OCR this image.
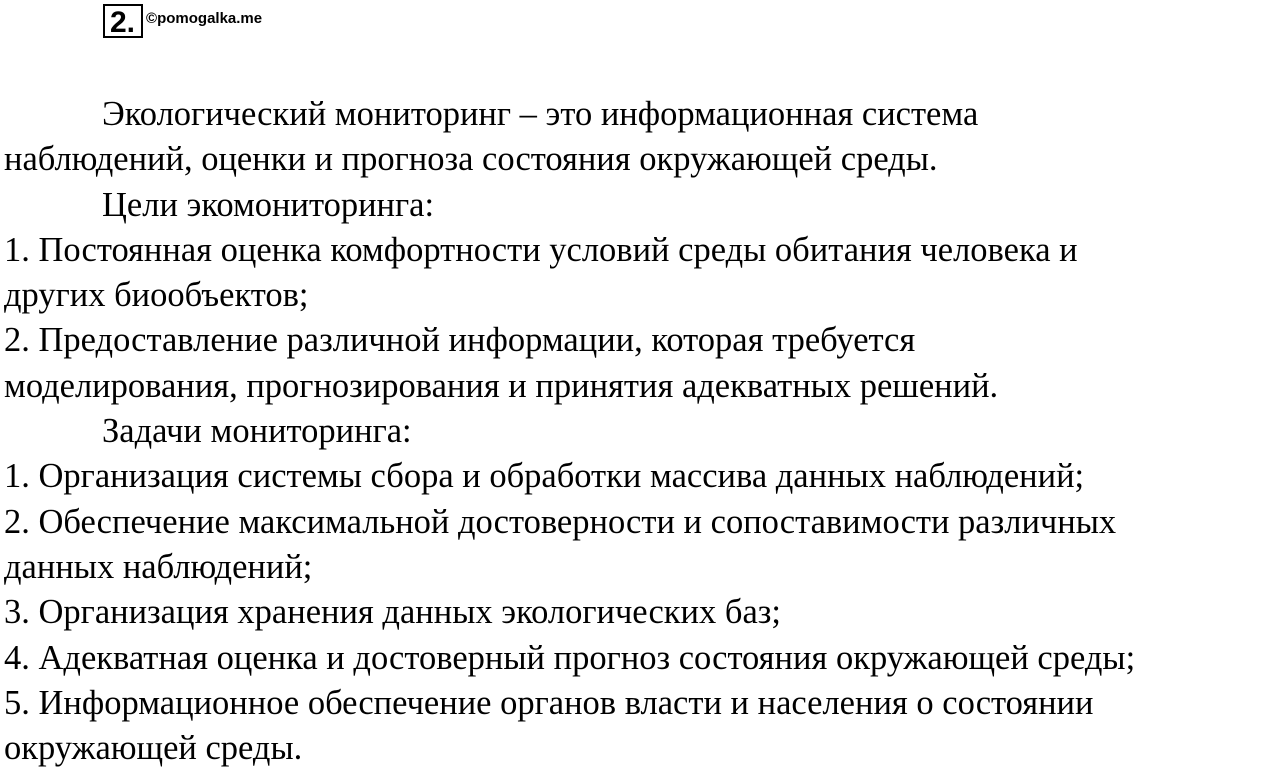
2. ©pomogalka.me
Экологический мониторинг – это информационная система
наблюдений, оценки и прогноза состояния окружающей среды.
Цели экомониторинга:
1. Постоянная оценка комфортности условий среды обитания человека и
других биообъектов;
2. Предоставление различной информации, которая требуется
моделирования, прогнозирования и принятия адекватных решений.
Задачи мониторинга:
1. Организация системы сбора и обработки массива данных наблюдений;
2. Обеспечение максимальной достоверности и сопоставимости различных
данных наблюдений;
3. Организация хранения данных экологических баз;
4. Адекватная оценка и достоверный прогноз состояния окружающей среды;
5. Информационное обеспечение органов власти и населения о состоянии
окружающей среды.
